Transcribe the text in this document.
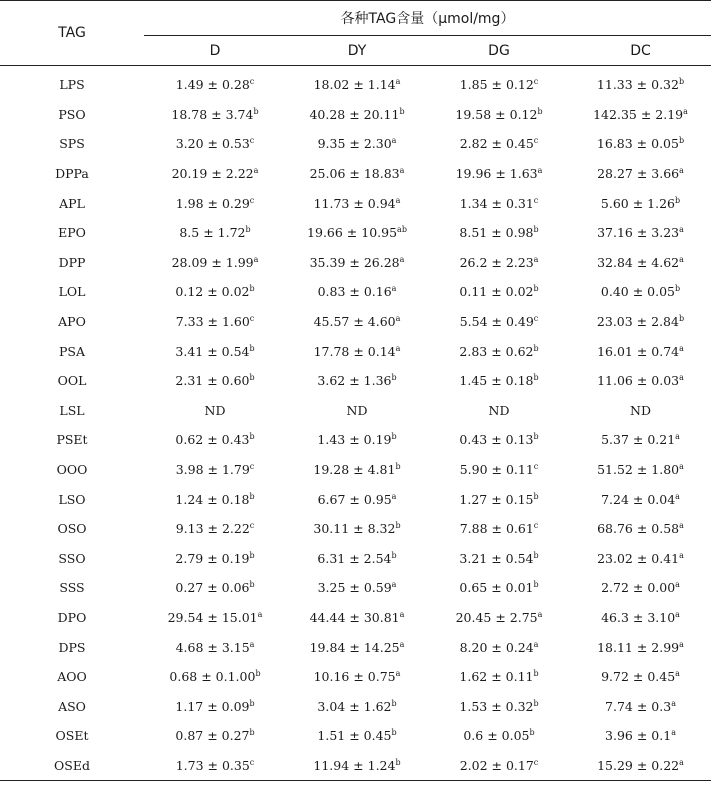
TAG	各种TAG含量（μmol/mg）			
	D	DY	DG	DC
LPS	1.49 ± 0.28$^c$	18.02 ± 1.14$^a$	1.85 ± 0.12$^c$	11.33 ± 0.32$^b$
PSO	18.78 ± 3.74$^b$	40.28 ± 20.11$^b$	19.58 ± 0.12$^b$	142.35 ± 2.19$^a$
SPS	3.20 ± 0.53$^c$	9.35 ± 2.30$^a$	2.82 ± 0.45$^c$	16.83 ± 0.05$^b$
DPPa	20.19 ± 2.22$^a$	25.06 ± 18.83$^a$	19.96 ± 1.63$^a$	28.27 ± 3.66$^a$
APL	1.98 ± 0.29$^c$	11.73 ± 0.94$^a$	1.34 ± 0.31$^c$	5.60 ± 1.26$^b$
EPO	8.5 ± 1.72$^b$	19.66 ± 10.95$^{ab}$	8.51 ± 0.98$^b$	37.16 ± 3.23$^a$
DPP	28.09 ± 1.99$^a$	35.39 ± 26.28$^a$	26.2 ± 2.23$^a$	32.84 ± 4.62$^a$
LOL	0.12 ± 0.02$^b$	0.83 ± 0.16$^a$	0.11 ± 0.02$^b$	0.40 ± 0.05$^b$
APO	7.33 ± 1.60$^c$	45.57 ± 4.60$^a$	5.54 ± 0.49$^c$	23.03 ± 2.84$^b$
PSA	3.41 ± 0.54$^b$	17.78 ± 0.14$^a$	2.83 ± 0.62$^b$	16.01 ± 0.74$^a$
OOL	2.31 ± 0.60$^b$	3.62 ± 1.36$^b$	1.45 ± 0.18$^b$	11.06 ± 0.03$^a$
LSL	ND	ND	ND	ND
PSEt	0.62 ± 0.43$^b$	1.43 ± 0.19$^b$	0.43 ± 0.13$^b$	5.37 ± 0.21$^a$
OOO	3.98 ± 1.79$^c$	19.28 ± 4.81$^b$	5.90 ± 0.11$^c$	51.52 ± 1.80$^a$
LSO	1.24 ± 0.18$^b$	6.67 ± 0.95$^a$	1.27 ± 0.15$^b$	7.24 ± 0.04$^a$
OSO	9.13 ± 2.22$^c$	30.11 ± 8.32$^b$	7.88 ± 0.61$^c$	68.76 ± 0.58$^a$
SSO	2.79 ± 0.19$^b$	6.31 ± 2.54$^b$	3.21 ± 0.54$^b$	23.02 ± 0.41$^a$
SSS	0.27 ± 0.06$^b$	3.25 ± 0.59$^a$	0.65 ± 0.01$^b$	2.72 ± 0.00$^a$
DPO	29.54 ± 15.01$^a$	44.44 ± 30.81$^a$	20.45 ± 2.75$^a$	46.3 ± 3.10$^a$
DPS	4.68 ± 3.15$^a$	19.84 ± 14.25$^a$	8.20 ± 0.24$^a$	18.11 ± 2.99$^a$
AOO	0.68 ± 0.1.00$^b$	10.16 ± 0.75$^a$	1.62 ± 0.11$^b$	9.72 ± 0.45$^a$
ASO	1.17 ± 0.09$^b$	3.04 ± 1.62$^b$	1.53 ± 0.32$^b$	7.74 ± 0.3$^a$
OSEt	0.87 ± 0.27$^b$	1.51 ± 0.45$^b$	0.6 ± 0.05$^b$	3.96 ± 0.1$^a$
OSEd	1.73 ± 0.35$^c$	11.94 ± 1.24$^b$	2.02 ± 0.17$^c$	15.29 ± 0.22$^a$
